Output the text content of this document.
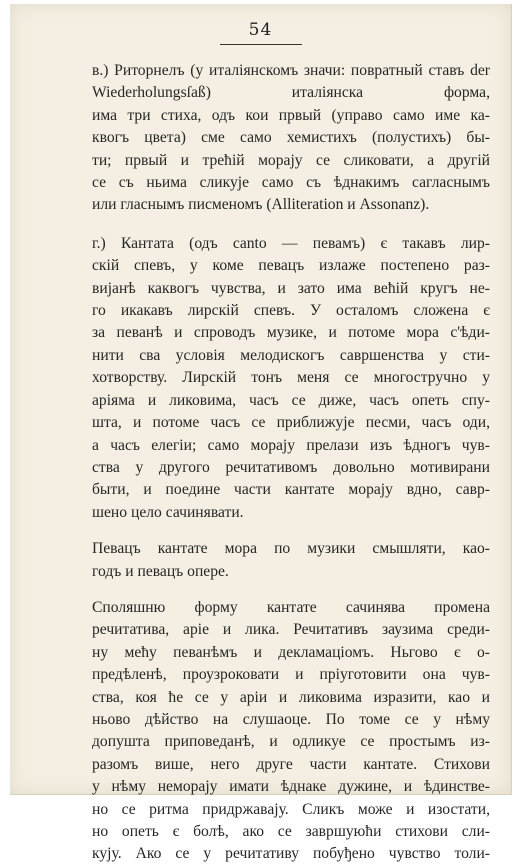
54

в.) Риторнелъ (у италіянскомъ значи: повратный ставъ der Wiederholungsſaß) италіянска форма,
има три стиха, одъ кои првый (управо само име ка-
квогъ цвета) сме само хемистихъ (полустихъ) бы-
ти; првый и трећій морају се сликовати, а другій
се съ ньима сликује само съ ѣднакимъ сагласнымъ
или гласнымъ писменомъ (Alliteration и Assonanz).

г.) Кантата (одъ canto — певамъ) є такавъ лир-
скій спевъ, у коме певацъ излаже постепено раз-
вијанѣ каквогъ чувства, и зато има већій кругъ не-
го икакавъ лирскій спевъ. У осталомъ сложена є
за певанѣ и спроводъ музике, и потоме мора с'ѣди-
нити сва условія мелодискогъ савршенства у сти-
хотворству. Лирскій тонъ меня се многостручно у
аріяма и ликовима, часъ се диже, часъ опеть спу-
шта, и потоме часъ се приближује песми, часъ оди,
а часъ елегіи; само морају прелази изъ ѣдногъ чув-
ства у другого речитативомъ довольно мотивирани
быти, и поедине части кантате морају вдно, савр-
шено цело сачинявати.

Певацъ кантате мора по музики смышляти, као-
годъ и певацъ опере.

Споляшню форму кантате сачинява промена
речитатива, аріе и лика. Речитативъ заузима среди-
ну мећу певанѣмъ и декламаціомъ. Ньгово є о-
предѣленѣ, проузроковати и пріуготовити она чув-
ства, коя ће се у аріи и ликовима изразити, као и
ньово дѣйство на слушаоце. По томе се у нѣму
допушта приповеданѣ, и одликуе се простымъ из-
разомъ више, него друге части кантате. Стихови
у нѣму неморају имати ѣднаке дужине, и ѣдинстве-
но се ритма придржавају. Сликъ може и изостати,
но опеть є болѣ, ако се завршуюћи стихови сли-
кују. Ако се у речитативу побуђено чувство толи-
